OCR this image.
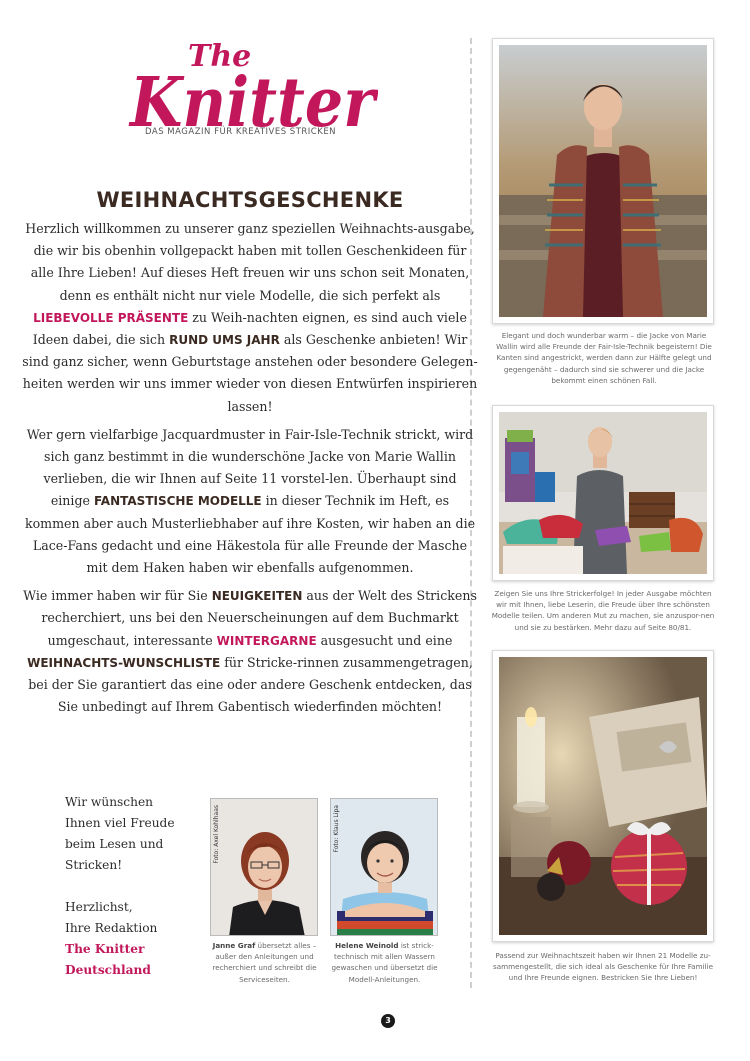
The
Knitter
DAS MAGAZIN FÜR KREATIVES STRICKEN
WEIHNACHTSGESCHENKE

Herzlich willkommen zu unserer ganz speziellen Weihnachts-ausgabe, die wir bis obenhin vollgepackt haben mit tollen Geschenkideen für alle Ihre Lieben! Auf dieses Heft freuen wir uns schon seit Monaten, denn es enthält nicht nur viele Modelle, die sich perfekt als LIEBEVOLLE PRÄSENTE zu Weih-nachten eignen, es sind auch viele Ideen dabei, die sich RUND UMS JAHR als Geschenke anbieten! Wir sind ganz sicher, wenn Geburtstage anstehen oder besondere Gelegen-heiten werden wir uns immer wieder von diesen Entwürfen inspirieren lassen!

Wer gern vielfarbige Jacquardmuster in Fair-Isle-Technik strickt, wird sich ganz bestimmt in die wunderschöne Jacke von Marie Wallin verlieben, die wir Ihnen auf Seite 11 vorstel-len. Überhaupt sind einige FANTASTISCHE MODELLE in dieser Technik im Heft, es kommen aber auch Musterliebhaber auf ihre Kosten, wir haben an die Lace-Fans gedacht und eine Häkestola für alle Freunde der Masche mit dem Haken haben wir ebenfalls aufgenommen.

Wie immer haben wir für Sie NEUIGKEITEN aus der Welt des Strickens recherchiert, uns bei den Neuerscheinungen auf dem Buchmarkt umgeschaut, interessante WINTERGARNE ausgesucht und eine WEIHNACHTS-WUNSCHLISTE für Stricke-rinnen zusammengetragen, bei der Sie garantiert das eine oder andere Geschenk entdecken, das Sie unbedingt auf Ihrem Gabentisch wiederfinden möchten!

Wir wünschen
Ihnen viel Freude
beim Lesen und
Stricken!
Herzlichst,
Ihre Redaktion
The Knitter
Deutschland
Foto: Axel Kohlhaas	Foto: Klaus Lipa
Janne Graf übersetzt alles – außer den Anleitungen und recherchiert und schreibt die Serviceseiten.
Helene Weinold ist strick-technisch mit allen Wassern gewaschen und übersetzt die Modell-Anleitungen.
Elegant und doch wunderbar warm – die Jacke von Marie Wallin wird alle Freunde der Fair-Isle-Technik begeistern! Die Kanten sind angestrickt, werden dann zur Hälfte gelegt und gegengenäht – dadurch sind sie schwerer und die Jacke bekommt einen schönen Fall.
Zeigen Sie uns Ihre Strickerfolge! In jeder Ausgabe möchten wir mit Ihnen, liebe Leserin, die Freude über Ihre schönsten Modelle teilen. Um anderen Mut zu machen, sie anzuspor-nen und sie zu bestärken. Mehr dazu auf Seite 80/81.
Passend zur Weihnachtszeit haben wir Ihnen 21 Modelle zu-sammengestellt, die sich ideal als Geschenke für Ihre Familie und Ihre Freunde eignen. Bestricken Sie Ihre Lieben!
3
